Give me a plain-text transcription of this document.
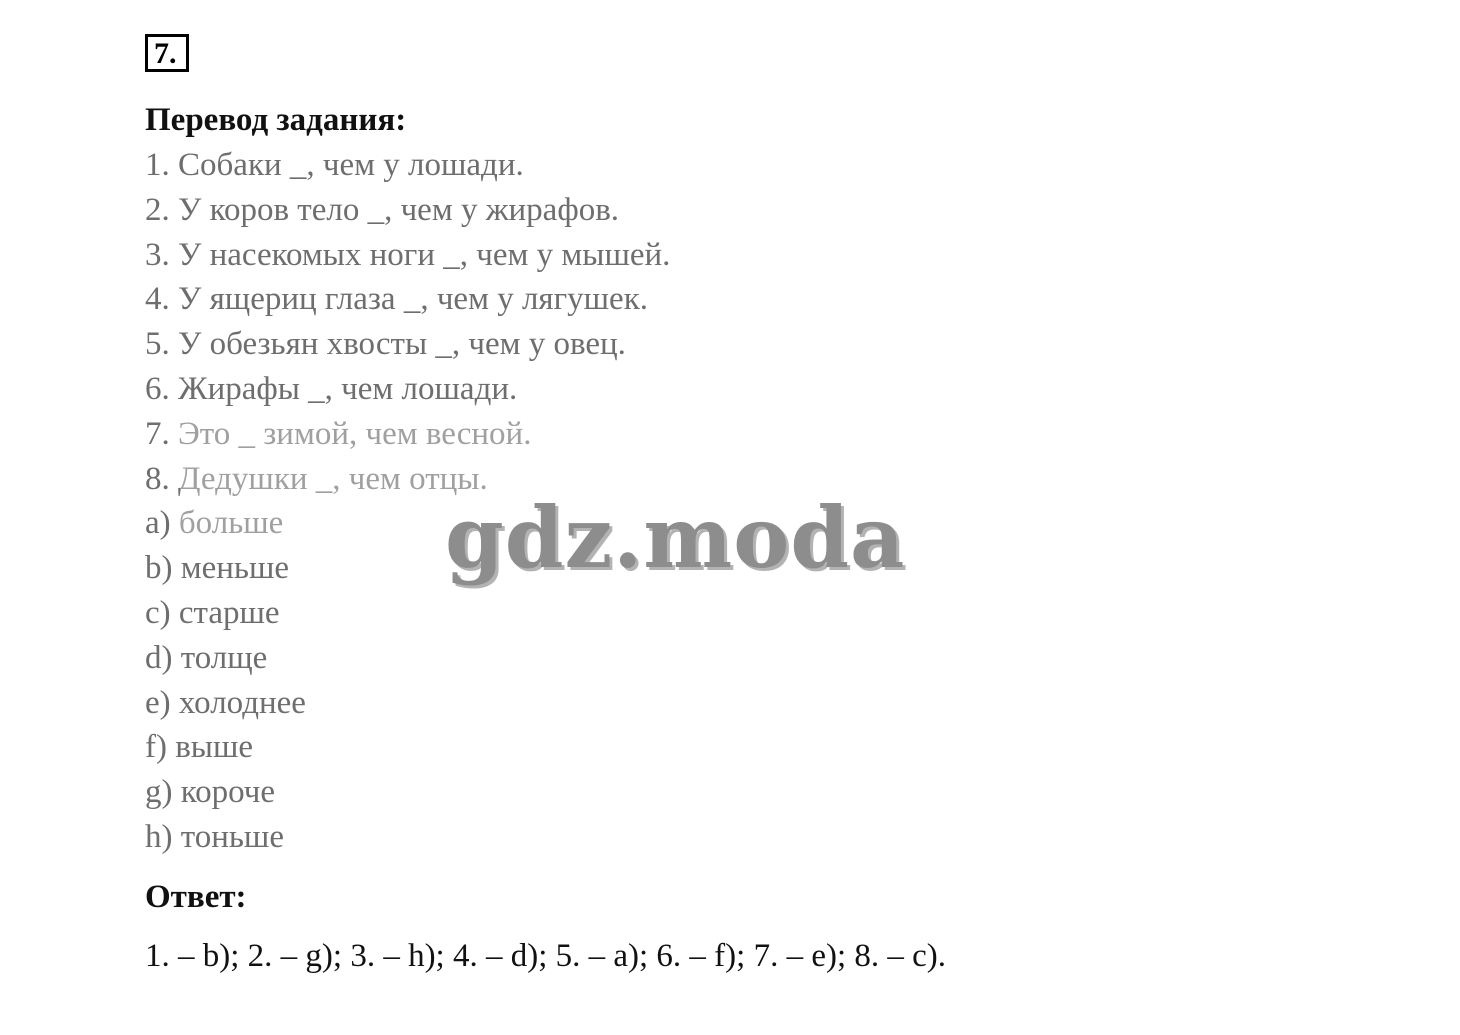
7.
Перевод задания:
1. Собаки _, чем у лошади.
2. У коров тело _, чем у жирафов.
3. У насекомых ноги _, чем у мышей.
4. У ящериц глаза _, чем у лягушек.
5. У обезьян хвосты _, чем у овец.
6. Жирафы _, чем лошади.
7. Это _ зимой, чем весной.
8. Дедушки _, чем отцы.
a) больше
b) меньше
c) старше
d) толще
e) холоднее
f) выше
g) короче
h) тоньше
Ответ:
1. – b); 2. – g); 3. – h); 4. – d); 5. – a); 6. – f); 7. – e); 8. – c).
gdz.moda
